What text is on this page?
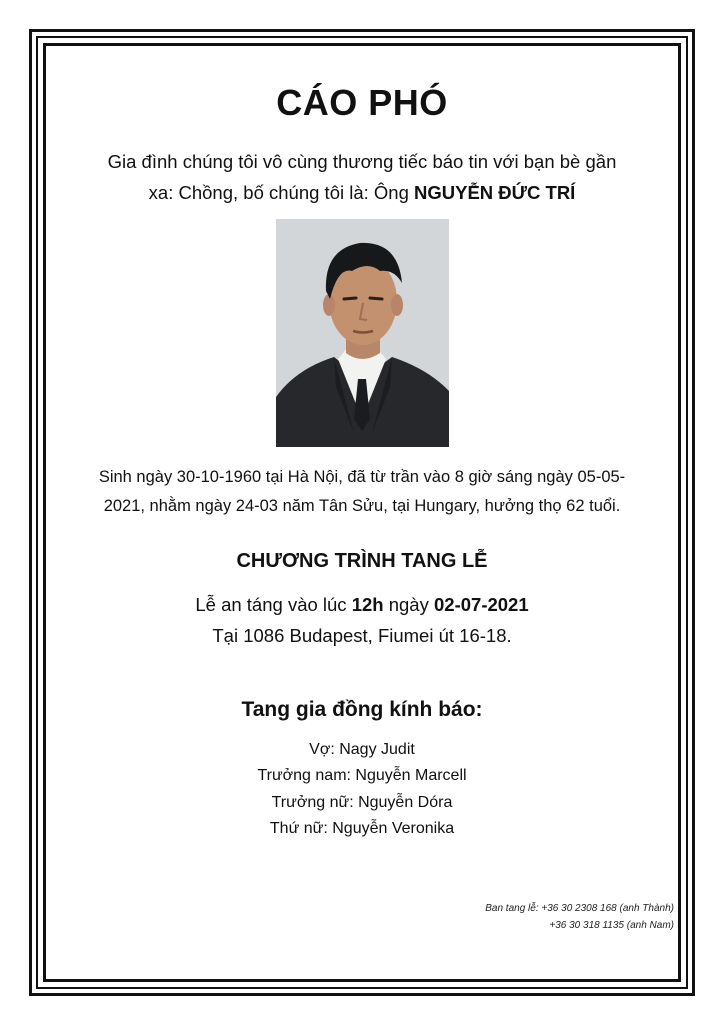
CÁO PHÓ
Gia đình chúng tôi vô cùng thương tiếc báo tin với bạn bè gần
xa: Chồng, bố chúng tôi là: Ông NGUYỄN ĐỨC TRÍ
Sinh ngày 30-10-1960 tại Hà Nội, đã từ trần vào 8 giờ sáng ngày 05-05-
2021, nhằm ngày 24-03 năm Tân Sửu, tại Hungary, hưởng thọ 62 tuổi.
CHƯƠNG TRÌNH TANG LỄ
Lễ an táng vào lúc 12h ngày 02-07-2021
Tại 1086 Budapest, Fiumei út 16-18.
Tang gia đồng kính báo:
Vợ: Nagy Judit
Trưởng nam: Nguyễn Marcell
Trưởng nữ: Nguyễn Dóra
Thứ nữ: Nguyễn Veronika
Ban tang lễ: +36 30 2308 168 (anh Thành)
+36 30 318 1135 (anh Nam)
